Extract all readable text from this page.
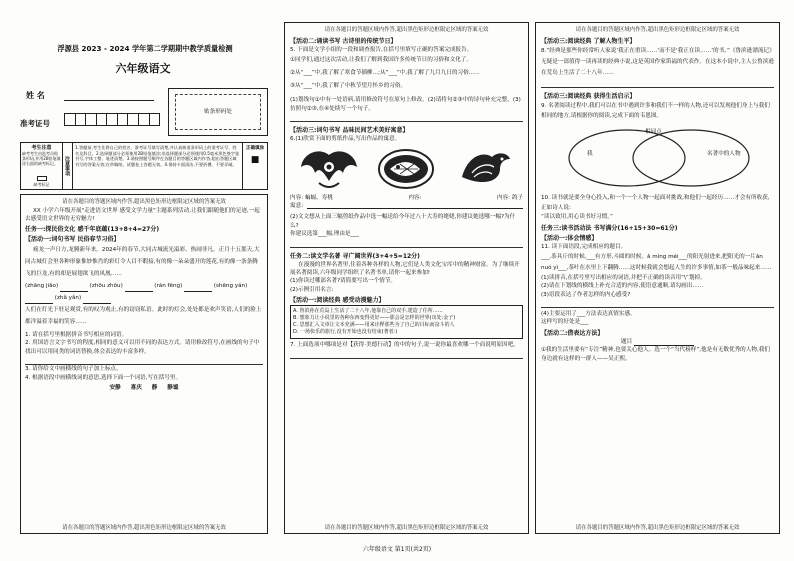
浮源县 2023 - 2024 学年第二学期期中教学质量检测
六年级语文
姓 名
准考证号
贴条形码处
考生注意
缺考考生由监考员贴条形码,并用2B铅笔填涂右面的缺考标记。
缺考标记
注意事项
1.答题前,考生先将自己的姓名、准考证号填写清楚,并认真核准条形码上的准考证号、姓名及科目。2.选择题部分必须使用2B铅笔填涂;非选择题部分必须使用0.5毫米黑色签字笔书写,字体工整、笔迹清楚。3.请按照题号顺序在各题目的答题区域内作答,超出答题区域书写的答案无效;在草稿纸、试题卷上答题无效。4.保持卡面清洁,不要折叠、不要弄破。
正确填涂
■
请在各题目的答题区域内作答,超出黑色矩形边框限定区域的答案无效
XX 小学六年级开展"走进语文世界 感受文学力量"主题系列活动,让我们跟随他们的足迹,一起去感受语文世界的无穷魅力!
任务一:探民俗文化 感千年底蕴(13+8+4=27分)
【活动一:词句书写 民俗春节习俗】
癌龙一声日方,龙腾新年来。2024年的春节,大同古城流光溢彩、热闹非凡。正月十五那天,大同古城灯会里各种形象惟妙惟肖的彩灯令人目不暇接,有的像一朵朵盛开的莲花,有的像一条条腾飞的巨龙,有的却是展翅欲飞的凤凰……
(zhāng jiǎo)	(zhōu zhōu)	(rán fēng)	(shēng yán)  (zhǎ yǎn)
人们在灯光下驻足观赏,有的叹为观止,有的窃窃私语。此时的灯会,处处都是欢声笑语,人们的脸上都洋溢着幸福的笑容……
1. 请在括号里根据拼音书写相应的词语。
2. 用国语言文字书写的程度,相同的意义可以用不同的表达方式。请用修改符号,在画线的句子中找出可以用同类的词语替换,体会表达的丰富多样。
3. 请你给文中画横线的句子加上标点。
4. 根据语段中画横线词的意思,选择下面一个词语,写在括号里。
安静 喜庆 静 静谧
请在各题目的答题区域内作答,超出黑色矩形边框限定区域的答案无效
请在各题目的答题区域内作答,超出黑色矩形边框限定区域的答案无效
【活动二:诵读书写 古诗里的传统节日】
5. 下面是文学小组的一段和调查报告,在括号里填写正确的答案完成报告。
①同学们,通过这次活动,让我们了解到我国许多传统节日的习俗和文化了。
②从“___”中,我了解了寒食节插柳…;从“___”中,我了解了九月九日的习俗……
③从“___”中,我了解了中秋节望月怀乡的习俗。
(1)划线句①中有一处语病,请用修改符号在原句上修改。(2)请将句②③中的诗句补充完整。(3)仿照句②③,在④处续写一个句子。
【活动三:词句书写 品味民间艺术美好寓意】
6.(1)欣赏下面的剪纸作品,写出作品的寓意。
内容: 蝙蝠、寿桃	内容:	内容: 鸽子
寓意:
(2)文文想从上面三幅剪纸作品中选一幅送给今年过八十大寿的姥姥,你建议她选哪一幅?为什么?
你建议选第___幅,理由是___
任务二:读文学名著 寻广阔世界(3+4+5=12分)
在漫漫的世界名著里,住着各种各样的人物,它们是人类文化宝库中的精神财富。为了继续开展名著阅读,六年级同学组织了名著书单,请你一起来参加!
(1)你读过哪部名著?请简要写出一个情节。
(2)示例引用名言:
【活动一:阅读经典 感受动漫魅力】
A. 鲁滨孙在荒岛上生活了二十八年,他靠自己的双手,建造了住所……
B. 想象力让小说里的各种东西变得更好——那会是怎样的世界(出处:金子)
C. 思想汇入文章让文本充满——用来诠释那些为了自己的目标而奋斗的人
D. 一场快乐的旅行,没有开始也没有结束(著者:)
7. 上面选项中哪项是对【获得·美德行动】的中的句子,说一说你最喜欢哪一个而说明原因吧。
请在各题目的答题区域内作答,超出黑色矩形边框限定区域的答案无效
请在各题目的答题区域内作答,超出黑色矩形边框限定区域的答案无效
【活动三:阅读经典 了解人物生平】
8.“经典是那些你经常听人家说‘我正在重读……’而不是‘我正在读……’的书。”《鲁滨逊漂流记》无疑是一部值得一读再读的经典小说,这是英国作家笛福的代表作。在这本小说中,主人公鲁滨逊在荒岛上生活了二十八年……
【活动三:阅读经典 获得生活启示】
9. 名著阅读过程中,我们可以在书中遇到许多和我们不一样的人物,还可以发现他们身上与我们相同的地方,请根据你的阅读,完成下面的韦恩图。
我
相同点
名著中的人物
10. 读书就是要全身心投入,和一个一个人物一起面对挑战,和他们一起经历……才会有所收获,正如诗人说:
“读以致用,用心读书好习惯。”
任务三:读书活动法 书写满分(16+15+30=61分)
【活动一:体会情感】
11. 读下面语段,完成相应的题目。
___,茶具斤的时候,___有方形,斗圆的时候。ǎ míng méi___的阳光射进来,把阳光的一片ǎn nuó yì___,茶叶在水里上下翻腾……这时候我就会想起人生的许多事情,如茶一般品味起来……
(1)读拼音,在括号里写出相应的词语,并把不正确的读音用“\”划掉。
(2)请在下划线的横线上补充合适的内容,使语意通顺,请勾画出……
(3)语段表达了作者怎样的内心感受?
(4)主要运用了___方法表达真情实感。
这样写的好处是___
【活动二:借表达方法】
题目
①我的生活里要有“专注”精神,也要关心他人。选一个“当代榜样”,他是有无数优秀的人物,我们身边就有这样的一群人——吴正熙。
请在各题目的答题区域内作答,超出黑色矩形边框限定区域的答案无效
六年级语文 第1页(共2页)
